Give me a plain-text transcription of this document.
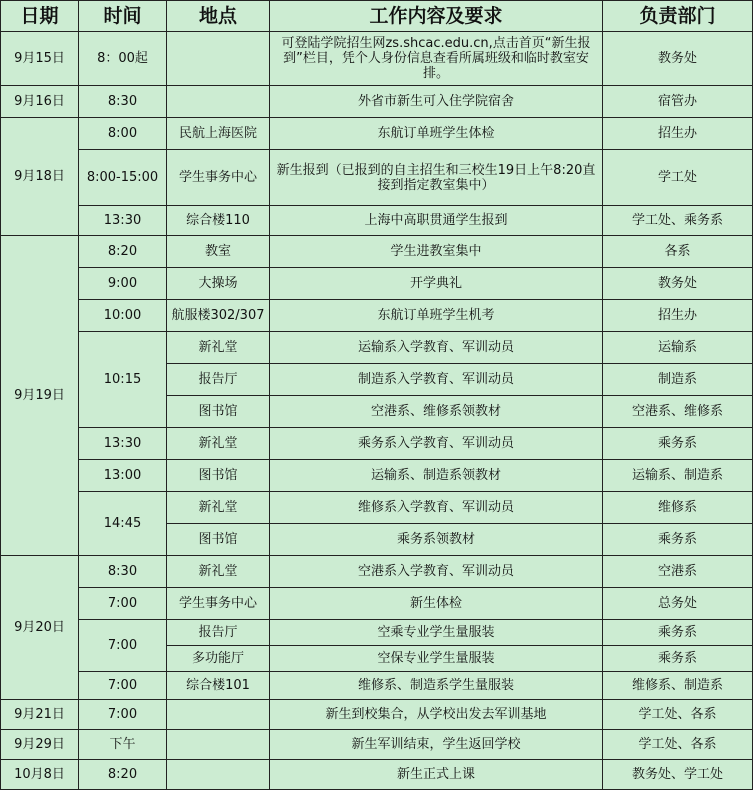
日期	时间	地点	工作内容及要求	负责部门
9月15日	8：00起		可登陆学院招生网zs.shcac.edu.cn,点击首页“新生报到”栏目，凭个人身份信息查看所属班级和临时教室安排。	教务处
9月16日	8:30		外省市新生可入住学院宿舍	宿管办
9月18日	8:00	民航上海医院	东航订单班学生体检	招生办
	8:00-15:00	学生事务中心	新生报到（已报到的自主招生和三校生19日上午8:20直接到指定教室集中）	学工处
	13:30	综合楼110	上海中高职贯通学生报到	学工处、乘务系
9月19日	8:20	教室	学生进教室集中	各系
	9:00	大操场	开学典礼	教务处
	10:00	航服楼302/307	东航订单班学生机考	招生办
	10:15	新礼堂	运输系入学教育、军训动员	运输系
		报告厅	制造系入学教育、军训动员	制造系
		图书馆	空港系、维修系领教材	空港系、维修系
	13:30	新礼堂	乘务系入学教育、军训动员	乘务系
	13:00	图书馆	运输系、制造系领教材	运输系、制造系
	14:45	新礼堂	维修系入学教育、军训动员	维修系
		图书馆	乘务系领教材	乘务系
9月20日	8:30	新礼堂	空港系入学教育、军训动员	空港系
	7:00	学生事务中心	新生体检	总务处
	7:00	报告厅	空乘专业学生量服装	乘务系
		多功能厅	空保专业学生量服装	乘务系
	7:00	综合楼101	维修系、制造系学生量服装	维修系、制造系
9月21日	7:00		新生到校集合，从学校出发去军训基地	学工处、各系
9月29日	下午		新生军训结束，学生返回学校	学工处、各系
10月8日	8:20		新生正式上课	教务处、学工处
